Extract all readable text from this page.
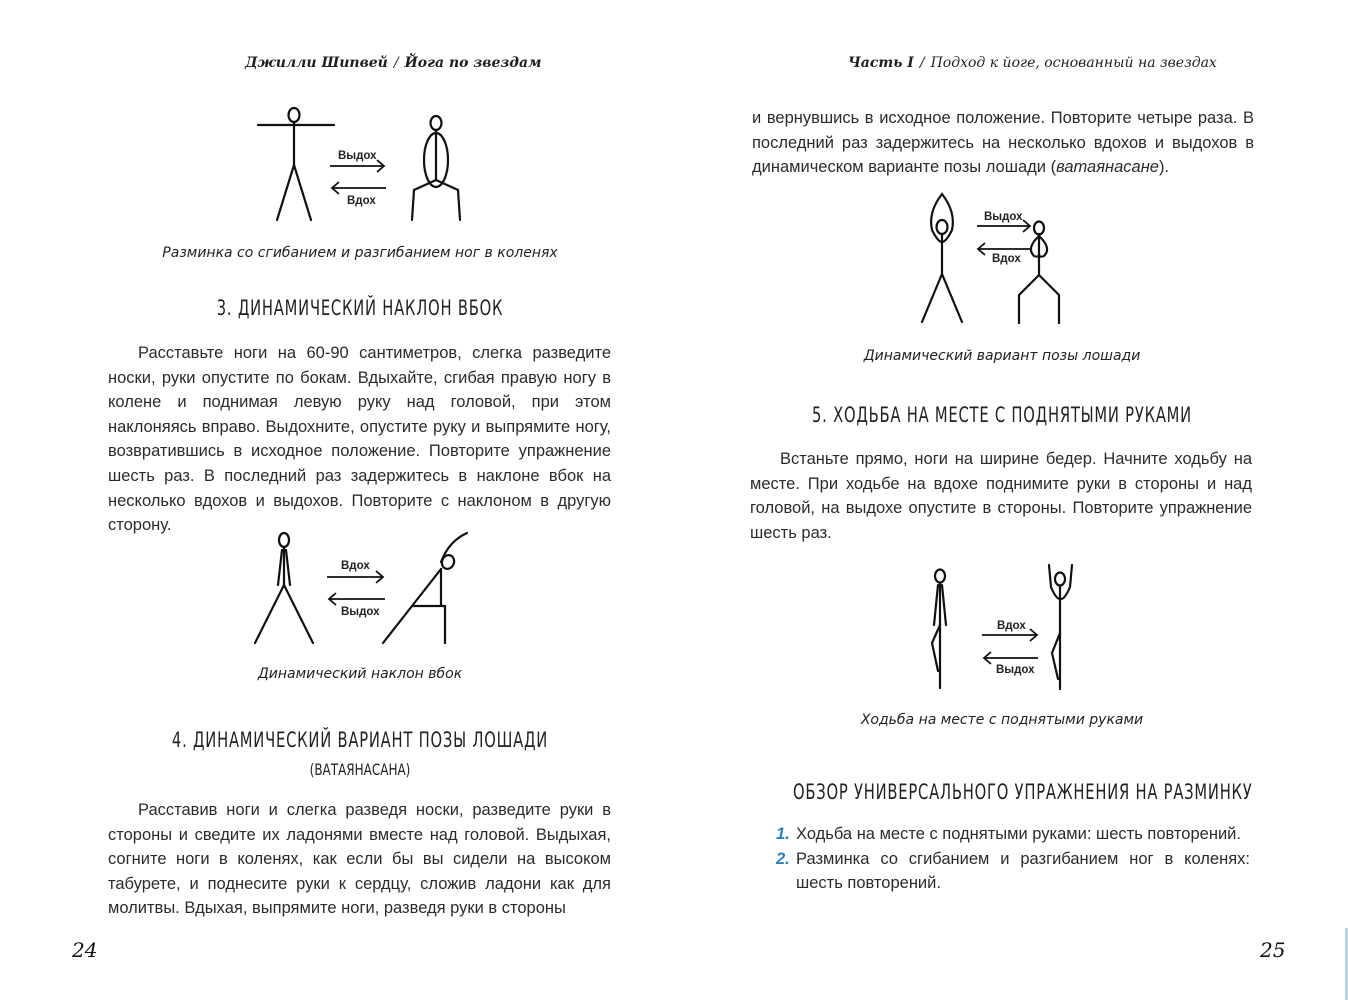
Джилли Шипвей / Йога по звездам
Выдох
Вдох
Разминка со сгибанием и разгибанием ног в коленях
3. ДИНАМИЧЕСКИЙ НАКЛОН ВБОК

Расставьте ноги на 60-90 сантиметров, слегка разведите носки, руки опустите по бокам. Вдыхайте, сгибая правую ногу в колене и поднимая левую руку над головой, при этом наклоняясь вправо. Выдохните, опустите руку и выпрямите ногу, возвратившись в исходное положение. Повторите упражнение шесть раз. В последний раз задержитесь в наклоне вбок на несколько вдохов и выдохов. Повторите с наклоном в другую сторону.

Вдох
Выдох
Динамический наклон вбок
4. ДИНАМИЧЕСКИЙ ВАРИАНТ ПОЗЫ ЛОШАДИ
(ВАТАЯНАСАНА)

Расставив ноги и слегка разведя носки, разведите руки в стороны и сведите их ладонями вместе над головой. Выдыхая, согните ноги в коленях, как если бы вы сидели на высоком табурете, и поднесите руки к сердцу, сложив ладони как для молитвы. Вдыхая, выпрямите ноги, разведя руки в стороны

24
Часть I / Подход к йоге, основанный на звездах

и вернувшись в исходное положение. Повторите четыре раза. В последний раз задержитесь на несколько вдохов и выдохов в динамическом варианте позы лошади (ватаянасане).

Выдох
Вдох
Динамический вариант позы лошади
5. ХОДЬБА НА МЕСТЕ С ПОДНЯТЫМИ РУКАМИ

Встаньте прямо, ноги на ширине бедер. Начните ходьбу на месте. При ходьбе на вдохе поднимите руки в стороны и над головой, на выдохе опустите в стороны. Повторите упражнение шесть раз.

Вдох
Выдох
Ходьба на месте с поднятыми руками
ОБЗОР УНИВЕРСАЛЬНОГО УПРАЖНЕНИЯ НА РАЗМИНКУ
1. Ходьба на месте с поднятыми руками: шесть повторений.
2. Разминка со сгибанием и разгибанием ног в коленях: шесть повторений.
25
